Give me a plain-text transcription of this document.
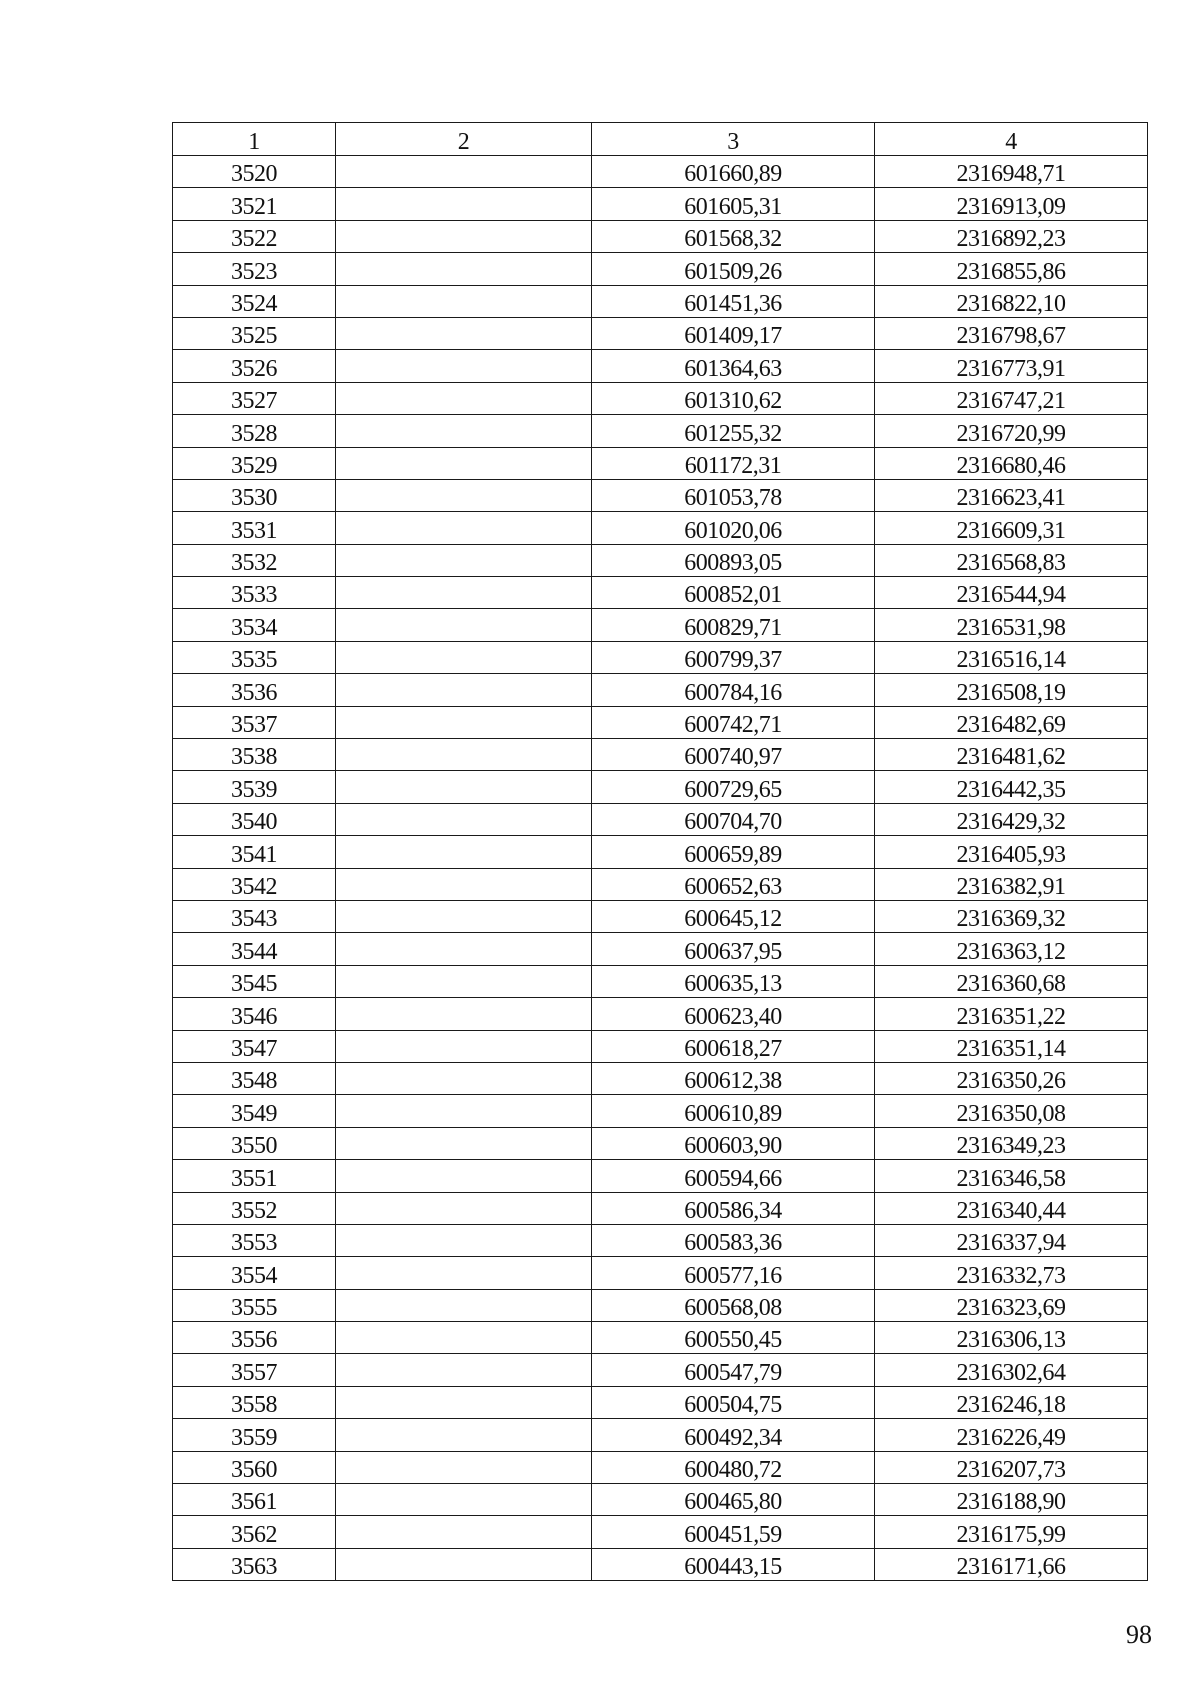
1	2	3	4
3520		601660,89	2316948,71
3521		601605,31	2316913,09
3522		601568,32	2316892,23
3523		601509,26	2316855,86
3524		601451,36	2316822,10
3525		601409,17	2316798,67
3526		601364,63	2316773,91
3527		601310,62	2316747,21
3528		601255,32	2316720,99
3529		601172,31	2316680,46
3530		601053,78	2316623,41
3531		601020,06	2316609,31
3532		600893,05	2316568,83
3533		600852,01	2316544,94
3534		600829,71	2316531,98
3535		600799,37	2316516,14
3536		600784,16	2316508,19
3537		600742,71	2316482,69
3538		600740,97	2316481,62
3539		600729,65	2316442,35
3540		600704,70	2316429,32
3541		600659,89	2316405,93
3542		600652,63	2316382,91
3543		600645,12	2316369,32
3544		600637,95	2316363,12
3545		600635,13	2316360,68
3546		600623,40	2316351,22
3547		600618,27	2316351,14
3548		600612,38	2316350,26
3549		600610,89	2316350,08
3550		600603,90	2316349,23
3551		600594,66	2316346,58
3552		600586,34	2316340,44
3553		600583,36	2316337,94
3554		600577,16	2316332,73
3555		600568,08	2316323,69
3556		600550,45	2316306,13
3557		600547,79	2316302,64
3558		600504,75	2316246,18
3559		600492,34	2316226,49
3560		600480,72	2316207,73
3561		600465,80	2316188,90
3562		600451,59	2316175,99
3563		600443,15	2316171,66
98
